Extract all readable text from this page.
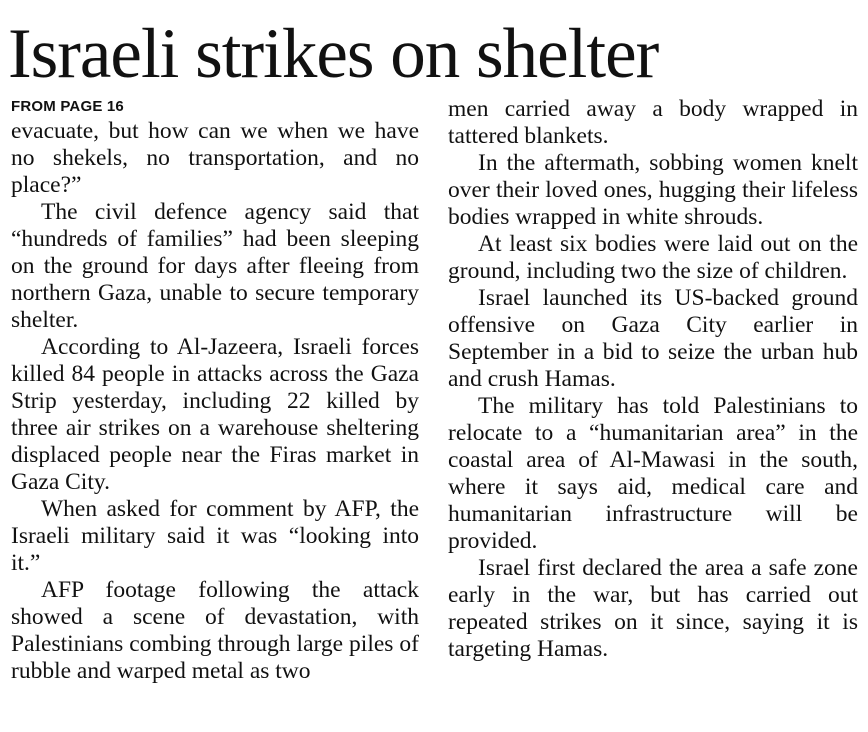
Israeli strikes on shelter
FROM PAGE 16

evacuate, but how can we when we have no shekels, no transportation, and no place?”

The civil defence agency said that “hundreds of families” had been sleeping on the ground for days after fleeing from northern Gaza, unable to secure temporary shelter.

According to Al-Jazeera, Israeli forces killed 84 people in attacks across the Gaza Strip yesterday, including 22 killed by three air strikes on a warehouse sheltering displaced people near the Firas market in Gaza City.

When asked for comment by AFP, the Israeli military said it was “looking into it.”

AFP footage following the attack showed a scene of devastation, with Palestinians combing through large piles of rubble and warped metal as two

men carried away a body wrapped in tattered blankets.

In the aftermath, sobbing women knelt over their loved ones, hugging their lifeless bodies wrapped in white shrouds.

At least six bodies were laid out on the ground, including two the size of children.

Israel launched its US-backed ground offensive on Gaza City earlier in September in a bid to seize the urban hub and crush Hamas.

The military has told Palestinians to relocate to a “humanitarian area” in the coastal area of Al-Mawasi in the south, where it says aid, medical care and humanitarian infrastructure will be provided.

Israel first declared the area a safe zone early in the war, but has carried out repeated strikes on it since, saying it is targeting Hamas.
